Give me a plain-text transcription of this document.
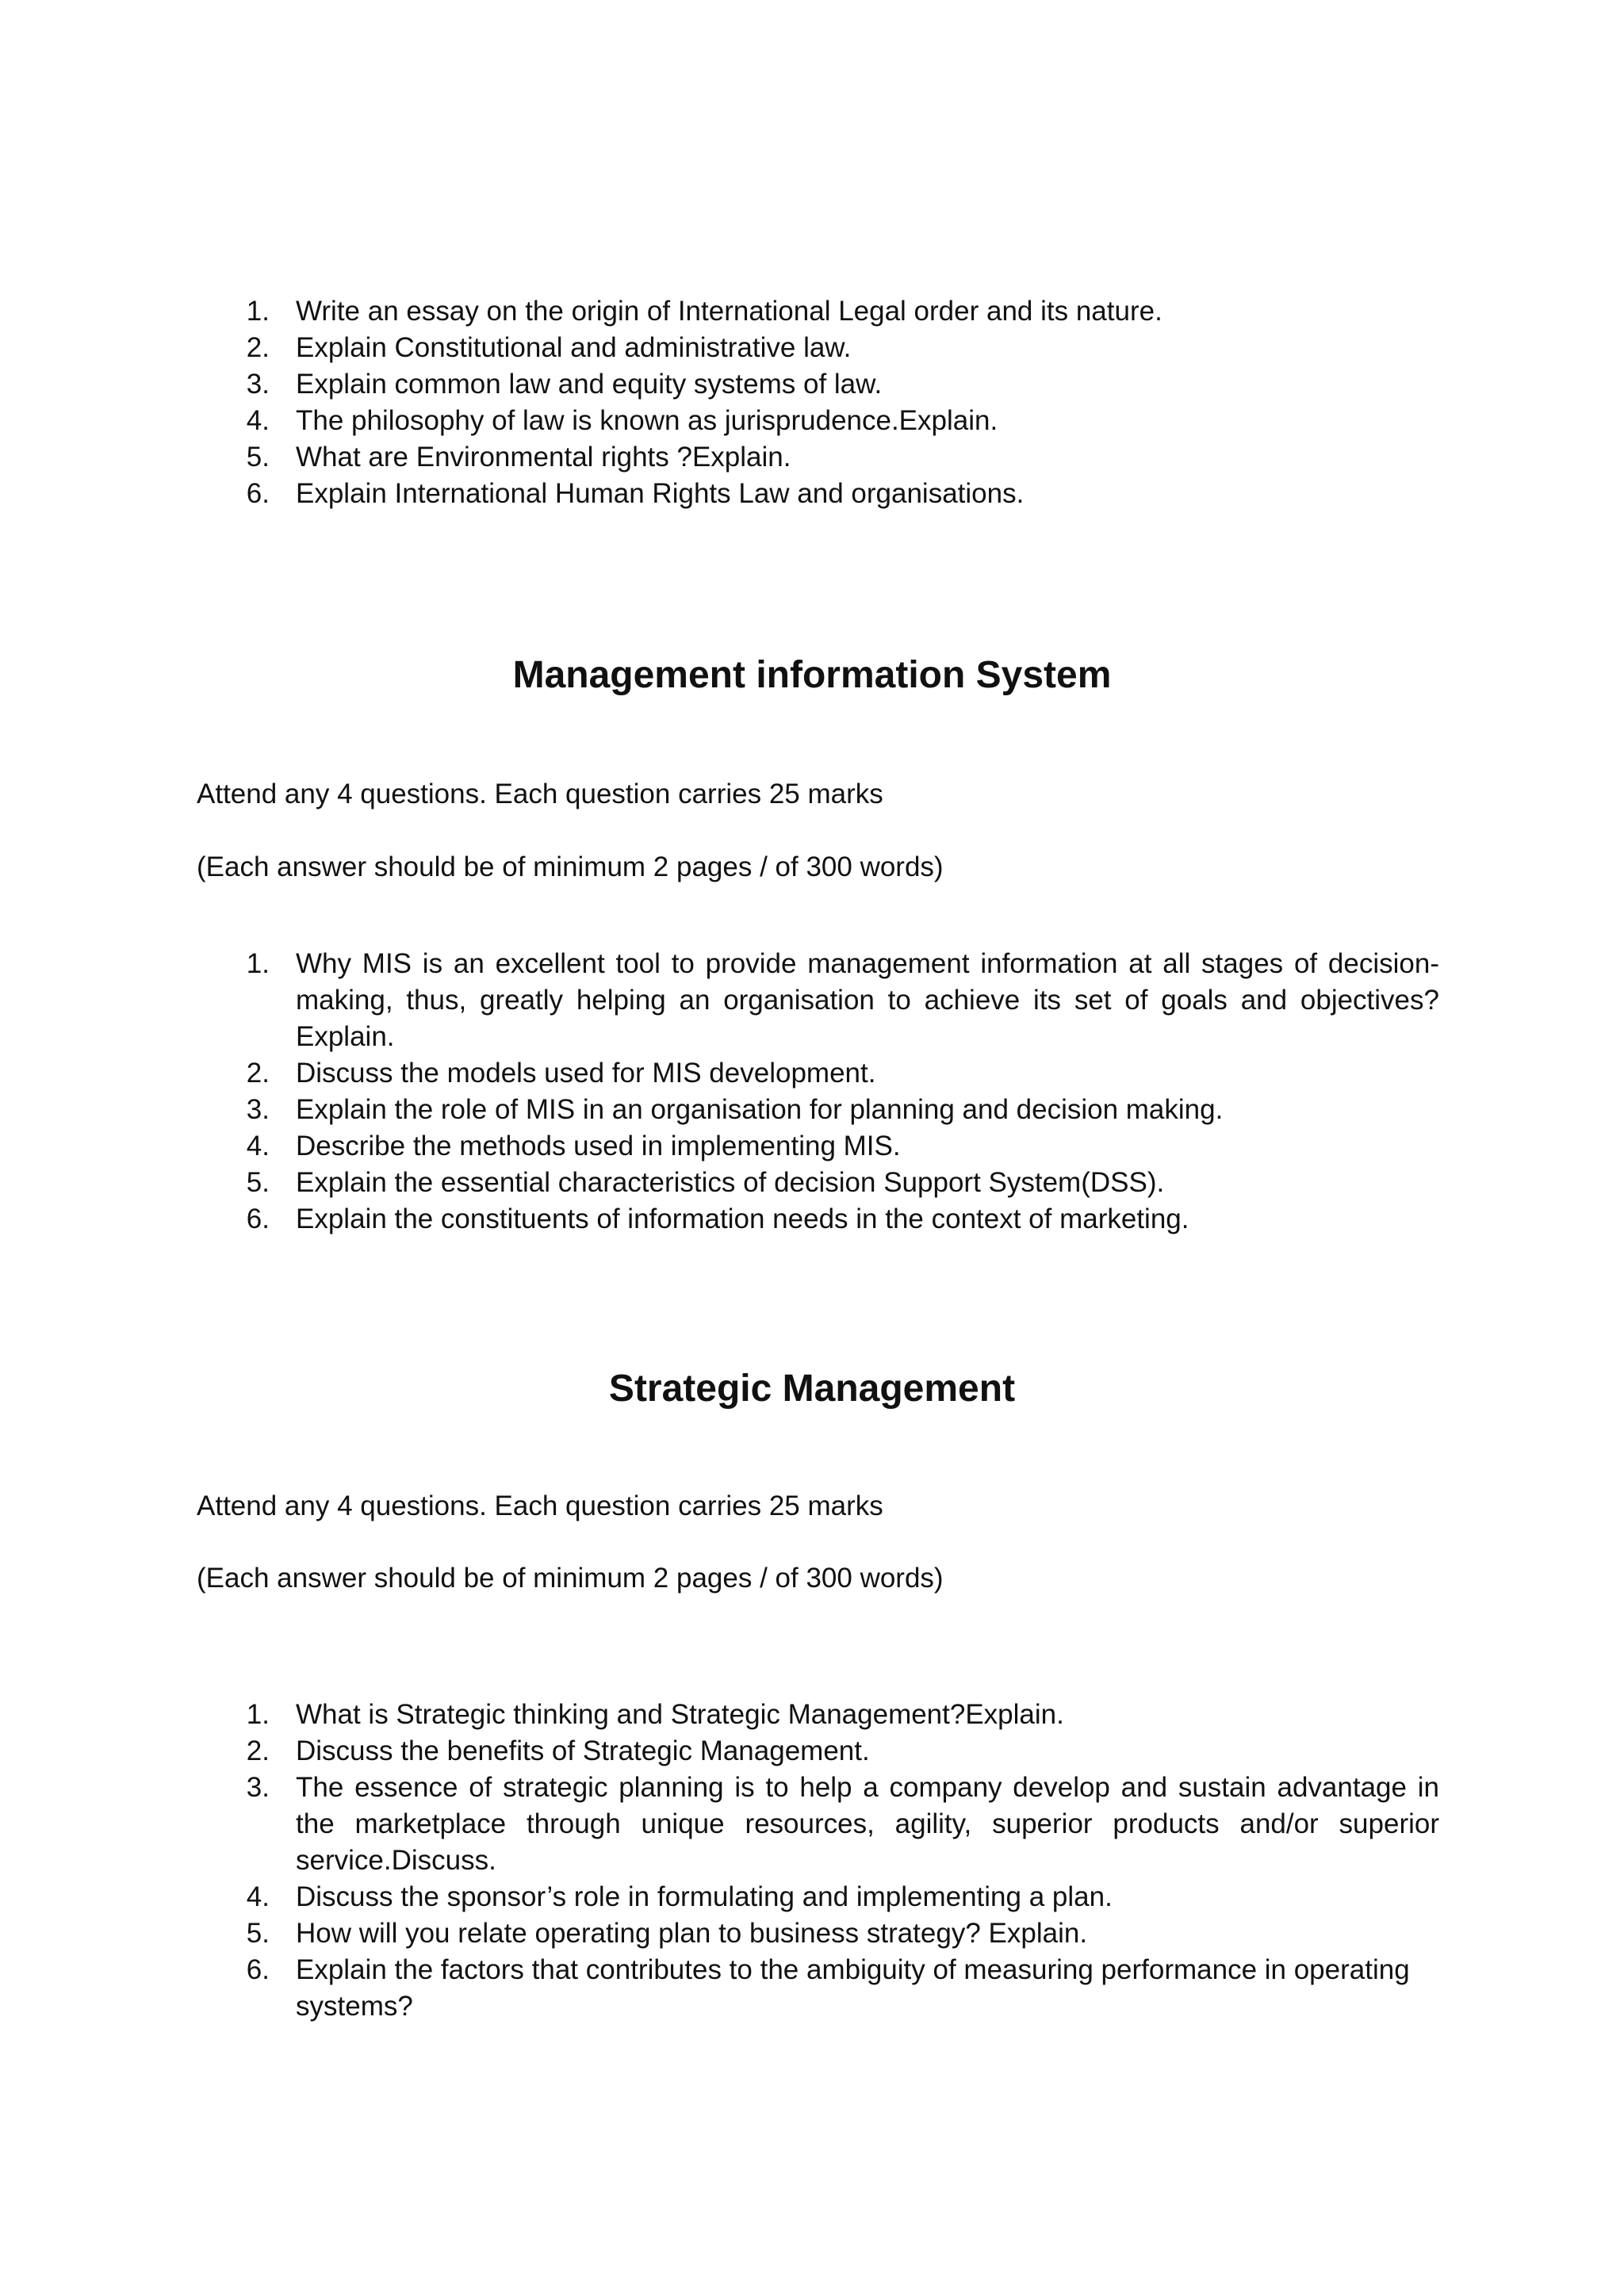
1. Write an essay on the origin of International Legal order and its nature.
2. Explain Constitutional and administrative law.
3. Explain common law and equity systems of law.
4. The philosophy of law is known as jurisprudence.Explain.
5. What are Environmental rights ?Explain.
6. Explain International Human Rights Law and organisations.
Management information System
Attend any 4 questions. Each question carries 25 marks
(Each answer should be of minimum 2 pages / of 300 words)
1. Why MIS is an excellent tool to provide management information at all stages of decision-making, thus, greatly helping an organisation to achieve its set of goals and objectives? Explain.
2. Discuss the models used for MIS development.
3. Explain the role of MIS in an organisation for planning and decision making.
4. Describe the methods used in implementing MIS.
5. Explain the essential characteristics of decision Support System(DSS).
6. Explain the constituents of information needs in the context of marketing.
Strategic Management
Attend any 4 questions. Each question carries 25 marks
(Each answer should be of minimum 2 pages / of 300 words)
1. What is Strategic thinking and Strategic Management?Explain.
2. Discuss the benefits of Strategic Management.
3. The essence of strategic planning is to help a company develop and sustain advantage in the marketplace through unique resources, agility, superior products and/or superior service.Discuss.
4. Discuss the sponsor’s role in formulating and implementing a plan.
5. How will you relate operating plan to business strategy? Explain.
6. Explain the factors that contributes to the ambiguity of measuring performance in operating systems?
